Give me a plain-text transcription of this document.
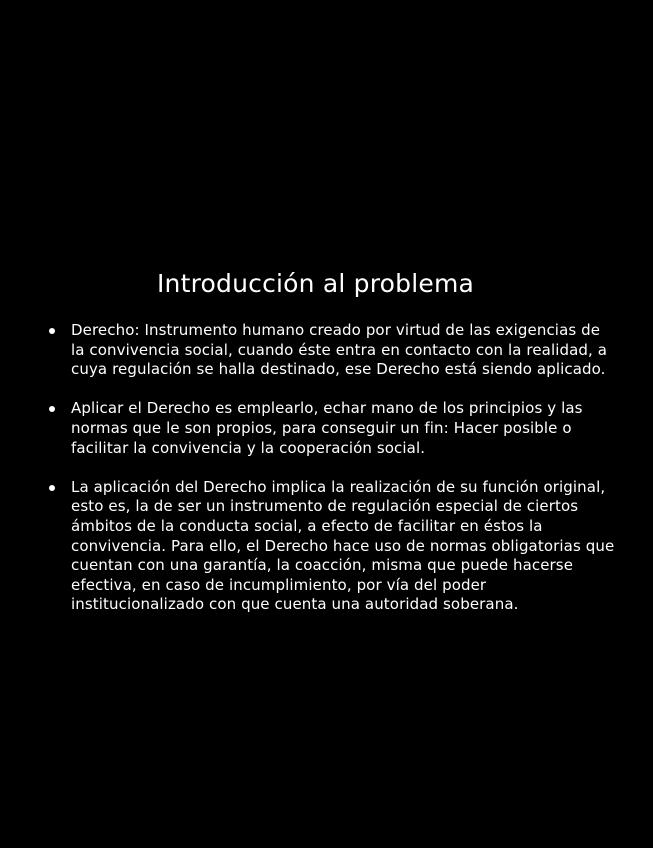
Introducción al problema
Derecho: Instrumento humano creado por virtud de las exigencias de la convivencia social, cuando éste entra en contacto con la realidad, a cuya regulación se halla destinado, ese Derecho está siendo aplicado.
Aplicar el Derecho es emplearlo, echar mano de los principios y las normas que le son propios, para conseguir un fin: Hacer posible o facilitar la convivencia y la cooperación social.
La aplicación del Derecho implica la realización de su función original, esto es, la de ser un instrumento de regulación especial de ciertos ámbitos de la conducta social, a efecto de facilitar en éstos la convivencia. Para ello, el Derecho hace uso de normas obligatorias que cuentan con una garantía, la coacción, misma que puede hacerse efectiva, en caso de incumplimiento, por vía del poder institucionalizado con que cuenta una autoridad soberana.
